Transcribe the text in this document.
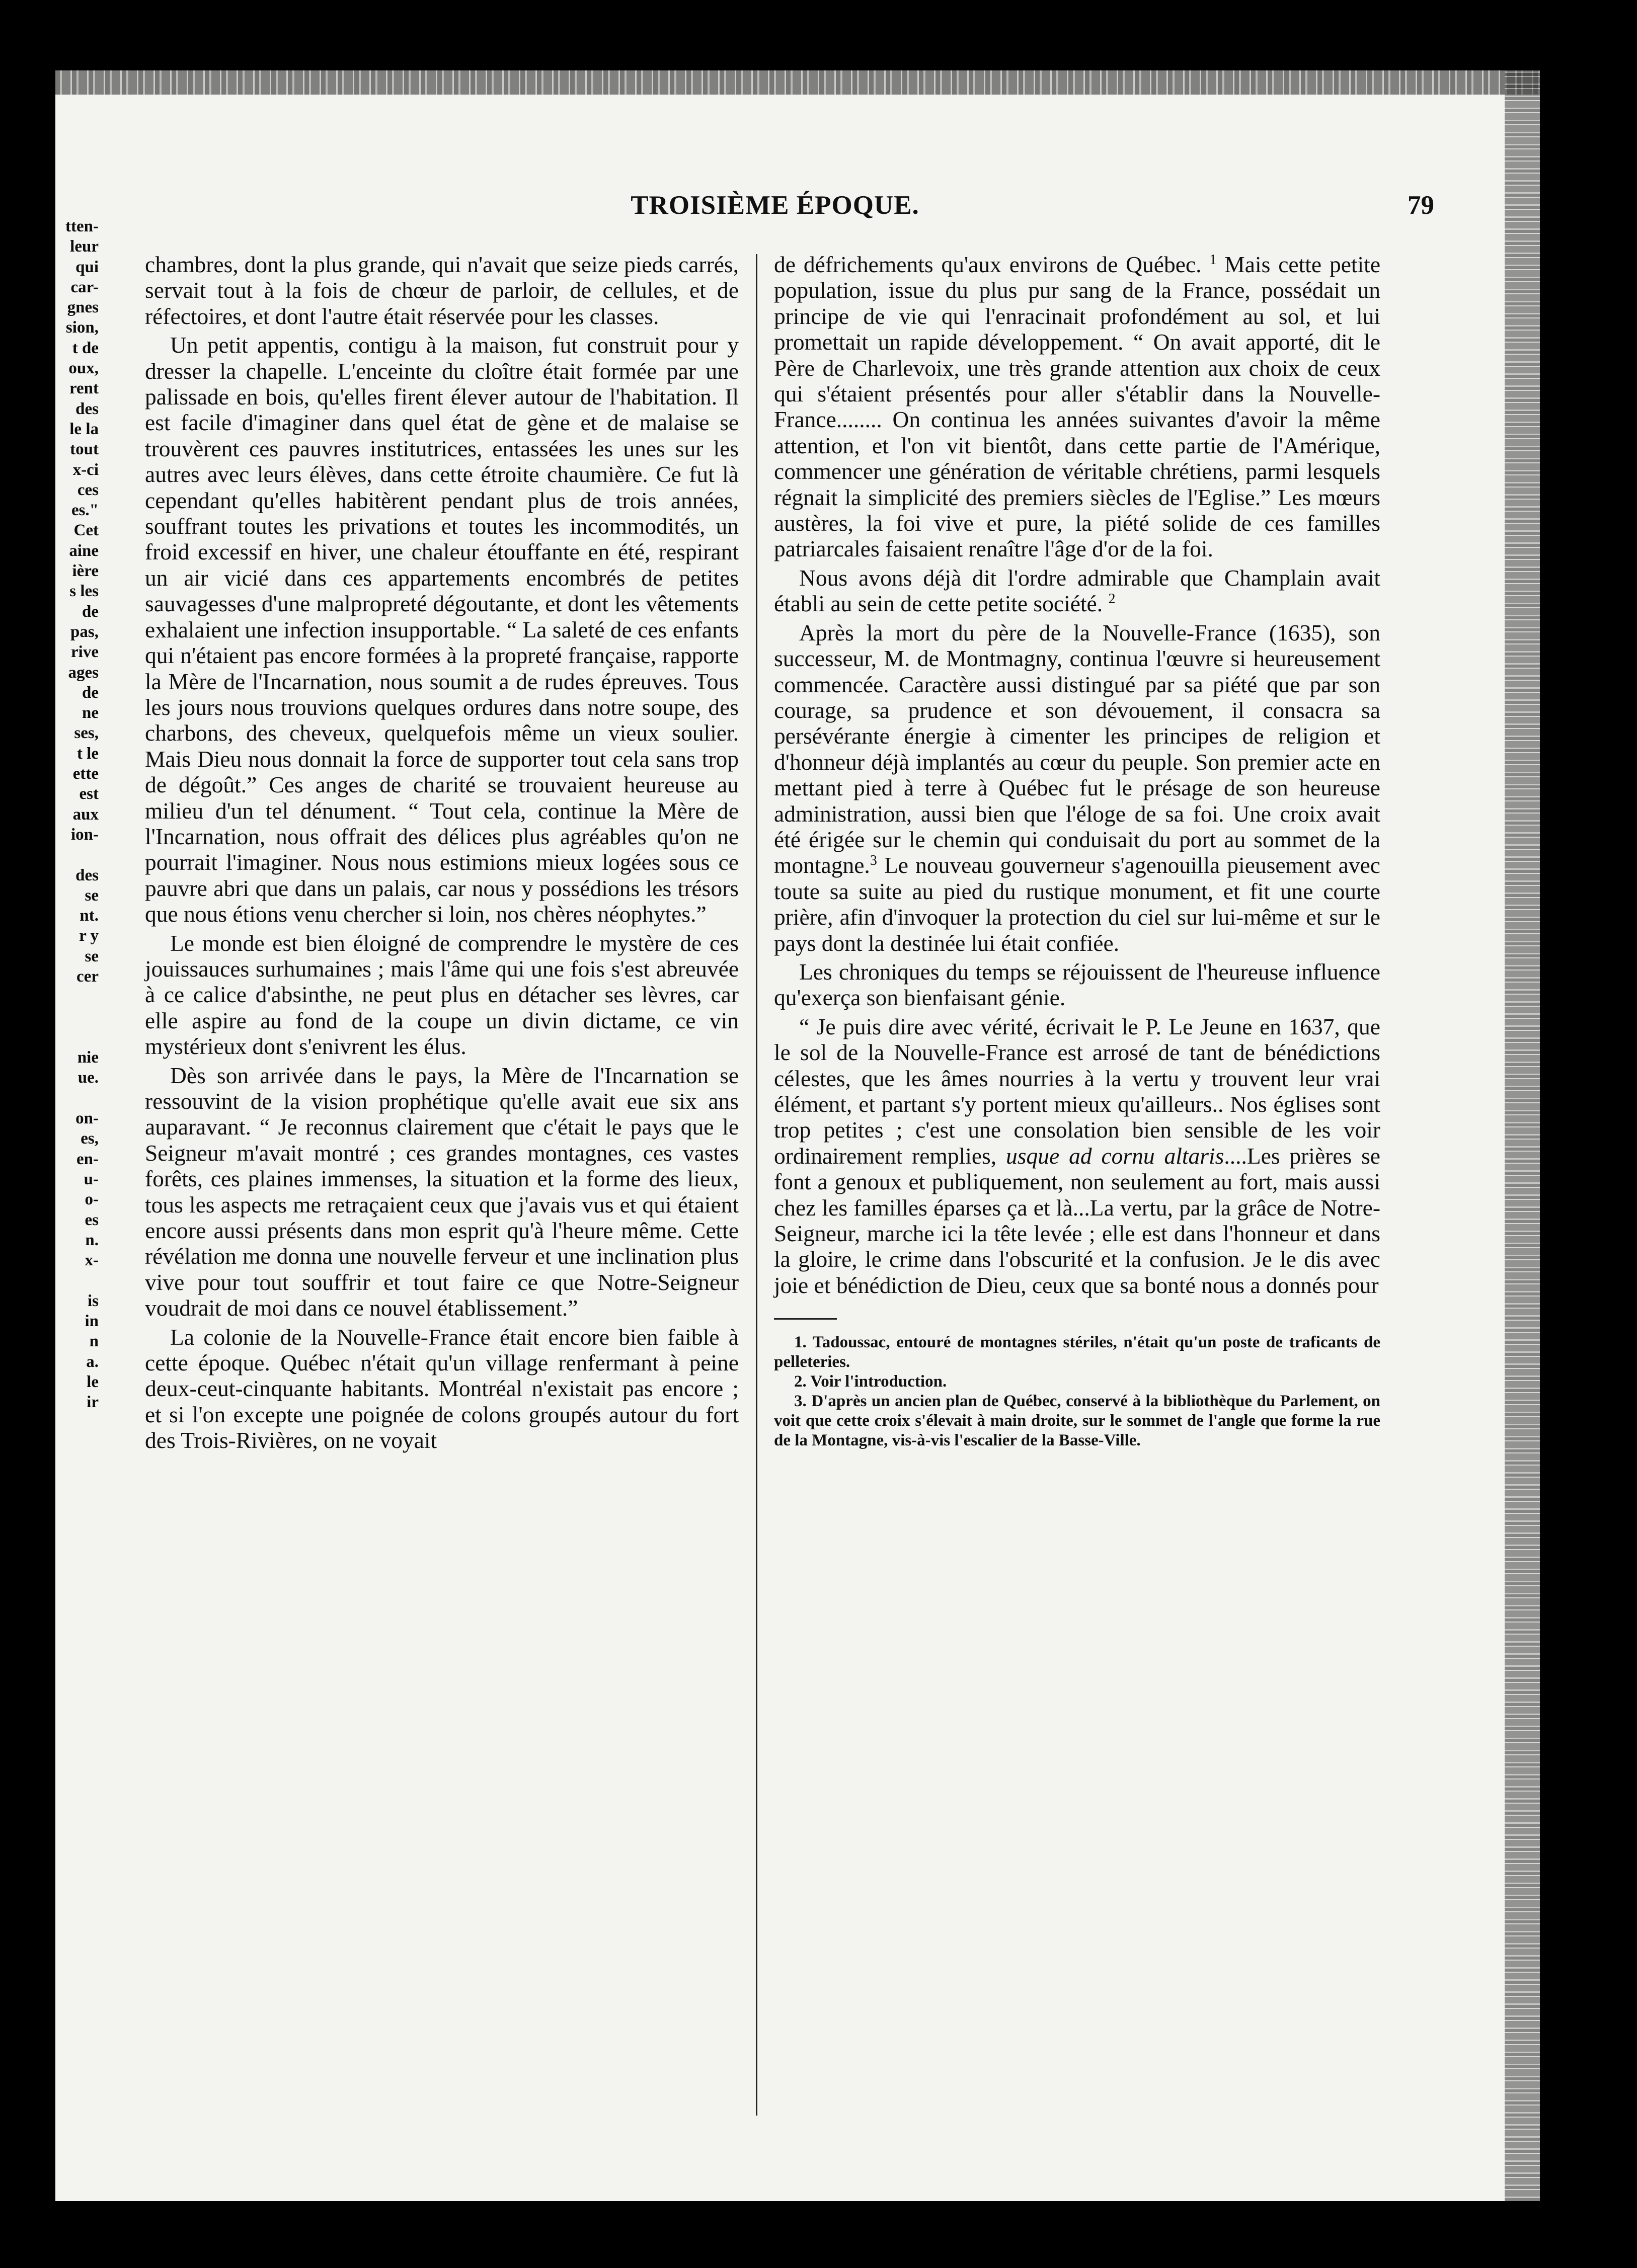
tten-
leur
qui
car-
gnes
sion,
t de
oux,
rent
des
le la
tout
x-ci
ces
es."
Cet
aine
ière
s les
de
pas,
rive
ages
de
ne
ses,
t le
ette
est
aux
ion-
des
se
nt.
r y
se
cer
nie
ue.
on-
es,
en-
u-
o-
es
n.
x-
is
in
n
a.
le
ir
TROISIÈME ÉPOQUE.	79

chambres, dont la plus grande, qui n'avait que seize pieds carrés, servait tout à la fois de chœur de parloir, de cellules, et de réfectoires, et dont l'autre était réservée pour les classes.

Un petit appentis, contigu à la maison, fut construit pour y dresser la chapelle. L'enceinte du cloître était formée par une palissade en bois, qu'elles firent élever autour de l'habitation. Il est facile d'imaginer dans quel état de gène et de malaise se trouvèrent ces pauvres institutrices, entassées les unes sur les autres avec leurs élèves, dans cette étroite chaumière. Ce fut là cependant qu'elles habitèrent pendant plus de trois années, souffrant toutes les privations et toutes les incommodités, un froid excessif en hiver, une chaleur étouffante en été, respirant un air vicié dans ces appartements encombrés de petites sauvagesses d'une malpropreté dégoutante, et dont les vêtements exhalaient une infection insupportable. “ La saleté de ces enfants qui n'étaient pas encore formées à la propreté française, rapporte la Mère de l'Incarnation, nous soumit a de rudes épreuves. Tous les jours nous trouvions quelques ordures dans notre soupe, des charbons, des cheveux, quelquefois même un vieux soulier. Mais Dieu nous donnait la force de supporter tout cela sans trop de dégoût.” Ces anges de charité se trouvaient heureuse au milieu d'un tel dénument. “ Tout cela, continue la Mère de l'Incarnation, nous offrait des délices plus agréables qu'on ne pourrait l'imaginer. Nous nous estimions mieux logées sous ce pauvre abri que dans un palais, car nous y possédions les trésors que nous étions venu chercher si loin, nos chères néophytes.”

Le monde est bien éloigné de comprendre le mystère de ces jouissauces surhumaines ; mais l'âme qui une fois s'est abreuvée à ce calice d'absinthe, ne peut plus en détacher ses lèvres, car elle aspire au fond de la coupe un divin dictame, ce vin mystérieux dont s'enivrent les élus.

Dès son arrivée dans le pays, la Mère de l'Incarnation se ressouvint de la vision prophétique qu'elle avait eue six ans auparavant. “ Je reconnus clairement que c'était le pays que le Seigneur m'avait montré ; ces grandes montagnes, ces vastes forêts, ces plaines immenses, la situation et la forme des lieux, tous les aspects me retraçaient ceux que j'avais vus et qui étaient encore aussi présents dans mon esprit qu'à l'heure même. Cette révélation me donna une nouvelle ferveur et une inclination plus vive pour tout souffrir et tout faire ce que Notre-Seigneur voudrait de moi dans ce nouvel établissement.”

La colonie de la Nouvelle-France était encore bien faible à cette époque. Québec n'était qu'un village renfermant à peine deux-ceut-cinquante habitants. Montréal n'existait pas encore ; et si l'on excepte une poignée de colons groupés autour du fort des Trois-Rivières, on ne voyait

de défrichements qu'aux environs de Québec. $^1$ Mais cette petite population, issue du plus pur sang de la France, possédait un principe de vie qui l'enracinait profondément au sol, et lui promettait un rapide développement. “ On avait apporté, dit le Père de Charlevoix, une très grande attention aux choix de ceux qui s'étaient présentés pour aller s'établir dans la Nouvelle-France........ On continua les années suivantes d'avoir la même attention, et l'on vit bientôt, dans cette partie de l'Amérique, commencer une génération de véritable chrétiens, parmi lesquels régnait la simplicité des premiers siècles de l'Eglise.” Les mœurs austères, la foi vive et pure, la piété solide de ces familles patriarcales faisaient renaître l'âge d'or de la foi.

Nous avons déjà dit l'ordre admirable que Champlain avait établi au sein de cette petite société. $^2$

Après la mort du père de la Nouvelle-France (1635), son successeur, M. de Montmagny, continua l'œuvre si heureusement commencée. Caractère aussi distingué par sa piété que par son courage, sa prudence et son dévouement, il consacra sa persévérante énergie à cimenter les principes de religion et d'honneur déjà implantés au cœur du peuple. Son premier acte en mettant pied à terre à Québec fut le présage de son heureuse administration, aussi bien que l'éloge de sa foi. Une croix avait été érigée sur le chemin qui conduisait du port au sommet de la montagne.$^3$ Le nouveau gouverneur s'agenouilla pieusement avec toute sa suite au pied du rustique monument, et fit une courte prière, afin d'invoquer la protection du ciel sur lui-même et sur le pays dont la destinée lui était confiée.

Les chroniques du temps se réjouissent de l'heureuse influence qu'exerça son bienfaisant génie.

“ Je puis dire avec vérité, écrivait le P. Le Jeune en 1637, que le sol de la Nouvelle-France est arrosé de tant de bénédictions célestes, que les âmes nourries à la vertu y trouvent leur vrai élément, et partant s'y portent mieux qu'ailleurs.. Nos églises sont trop petites ; c'est une consolation bien sensible de les voir ordinairement remplies, usque ad cornu altaris....Les prières se font a genoux et publiquement, non seulement au fort, mais aussi chez les familles éparses ça et là...La vertu, par la grâce de Notre-Seigneur, marche ici la tête levée ; elle est dans l'honneur et dans la gloire, le crime dans l'obscurité et la confusion. Je le dis avec joie et bénédiction de Dieu, ceux que sa bonté nous a donnés pour

1. Tadoussac, entouré de montagnes stériles, n'était qu'un poste de traficants de pelleteries.
2. Voir l'introduction.
3. D'après un ancien plan de Québec, conservé à la bibliothèque du Parlement, on voit que cette croix s'élevait à main droite, sur le sommet de l'angle que forme la rue de la Montagne, vis-à-vis l'escalier de la Basse-Ville.
